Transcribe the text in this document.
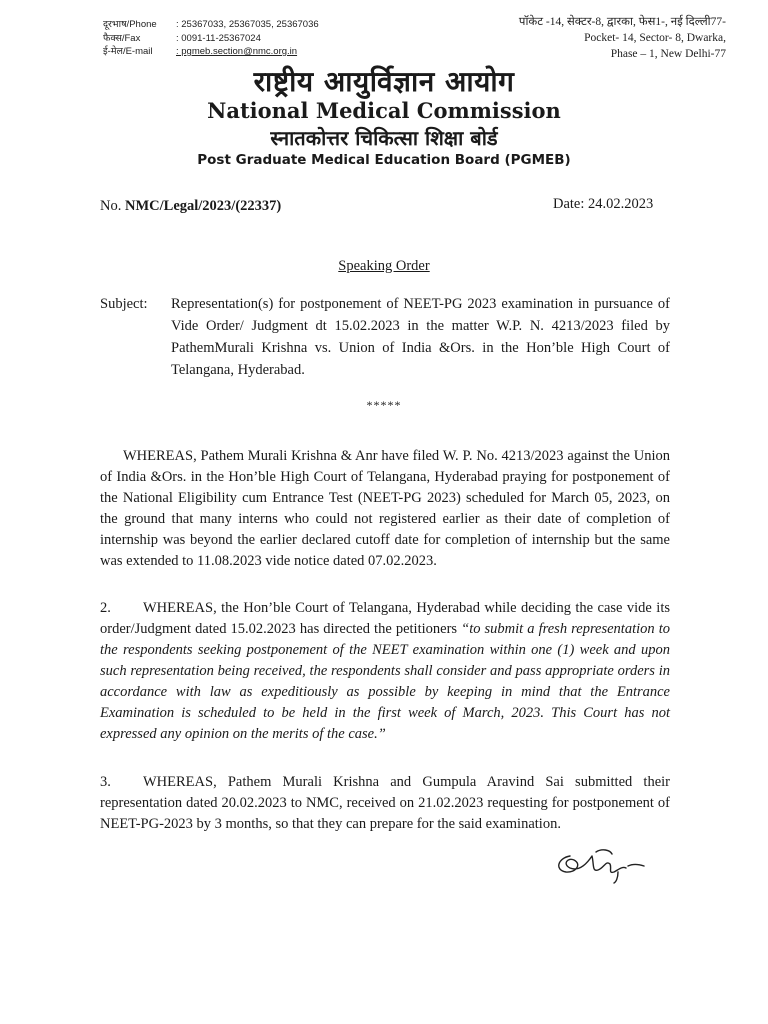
दूरभाष/Phone	: 25367033, 25367035, 25367036
फैक्स/Fax	: 0091-11-25367024
ई-मेल/E-mail	: pgmeb.section@nmc.org.in
पॉकेट -14, सेक्टर-8, द्वारका, फेस1-, नई दिल्ली77-
Pocket- 14, Sector- 8, Dwarka,
Phase – 1, New Delhi-77
राष्ट्रीय आयुर्विज्ञान आयोग
National Medical Commission
स्नातकोत्तर चिकित्सा शिक्षा बोर्ड
Post Graduate Medical Education Board (PGMEB)
No. NMC/Legal/2023/(22337)	Date: 24.02.2023
Speaking Order
Subject: Representation(s) for postponement of NEET-PG 2023 examination in pursuance of Vide Order/ Judgment dt 15.02.2023 in the matter W.P. N. 4213/2023 filed by PathemMurali Krishna vs. Union of India &Ors. in the Hon’ble High Court of Telangana, Hyderabad.
*****
WHEREAS, Pathem Murali Krishna & Anr have filed W. P. No. 4213/2023 against the Union of India &Ors. in the Hon’ble High Court of Telangana, Hyderabad praying for postponement of the National Eligibility cum Entrance Test (NEET-PG 2023) scheduled for March 05, 2023, on the ground that many interns who could not registered earlier as their date of completion of internship was beyond the earlier declared cutoff date for completion of internship but the same was extended to 11.08.2023 vide notice dated 07.02.2023.
2. WHEREAS, the Hon’ble Court of Telangana, Hyderabad while deciding the case vide its order/Judgment dated 15.02.2023 has directed the petitioners “to submit a fresh representation to the respondents seeking postponement of the NEET examination within one (1) week and upon such representation being received, the respondents shall consider and pass appropriate orders in accordance with law as expeditiously as possible by keeping in mind that the Entrance Examination is scheduled to be held in the first week of March, 2023. This Court has not expressed any opinion on the merits of the case.”
3. WHEREAS, Pathem Murali Krishna and Gumpula Aravind Sai submitted their representation dated 20.02.2023 to NMC, received on 21.02.2023 requesting for postponement of NEET-PG-2023 by 3 months, so that they can prepare for the said examination.
